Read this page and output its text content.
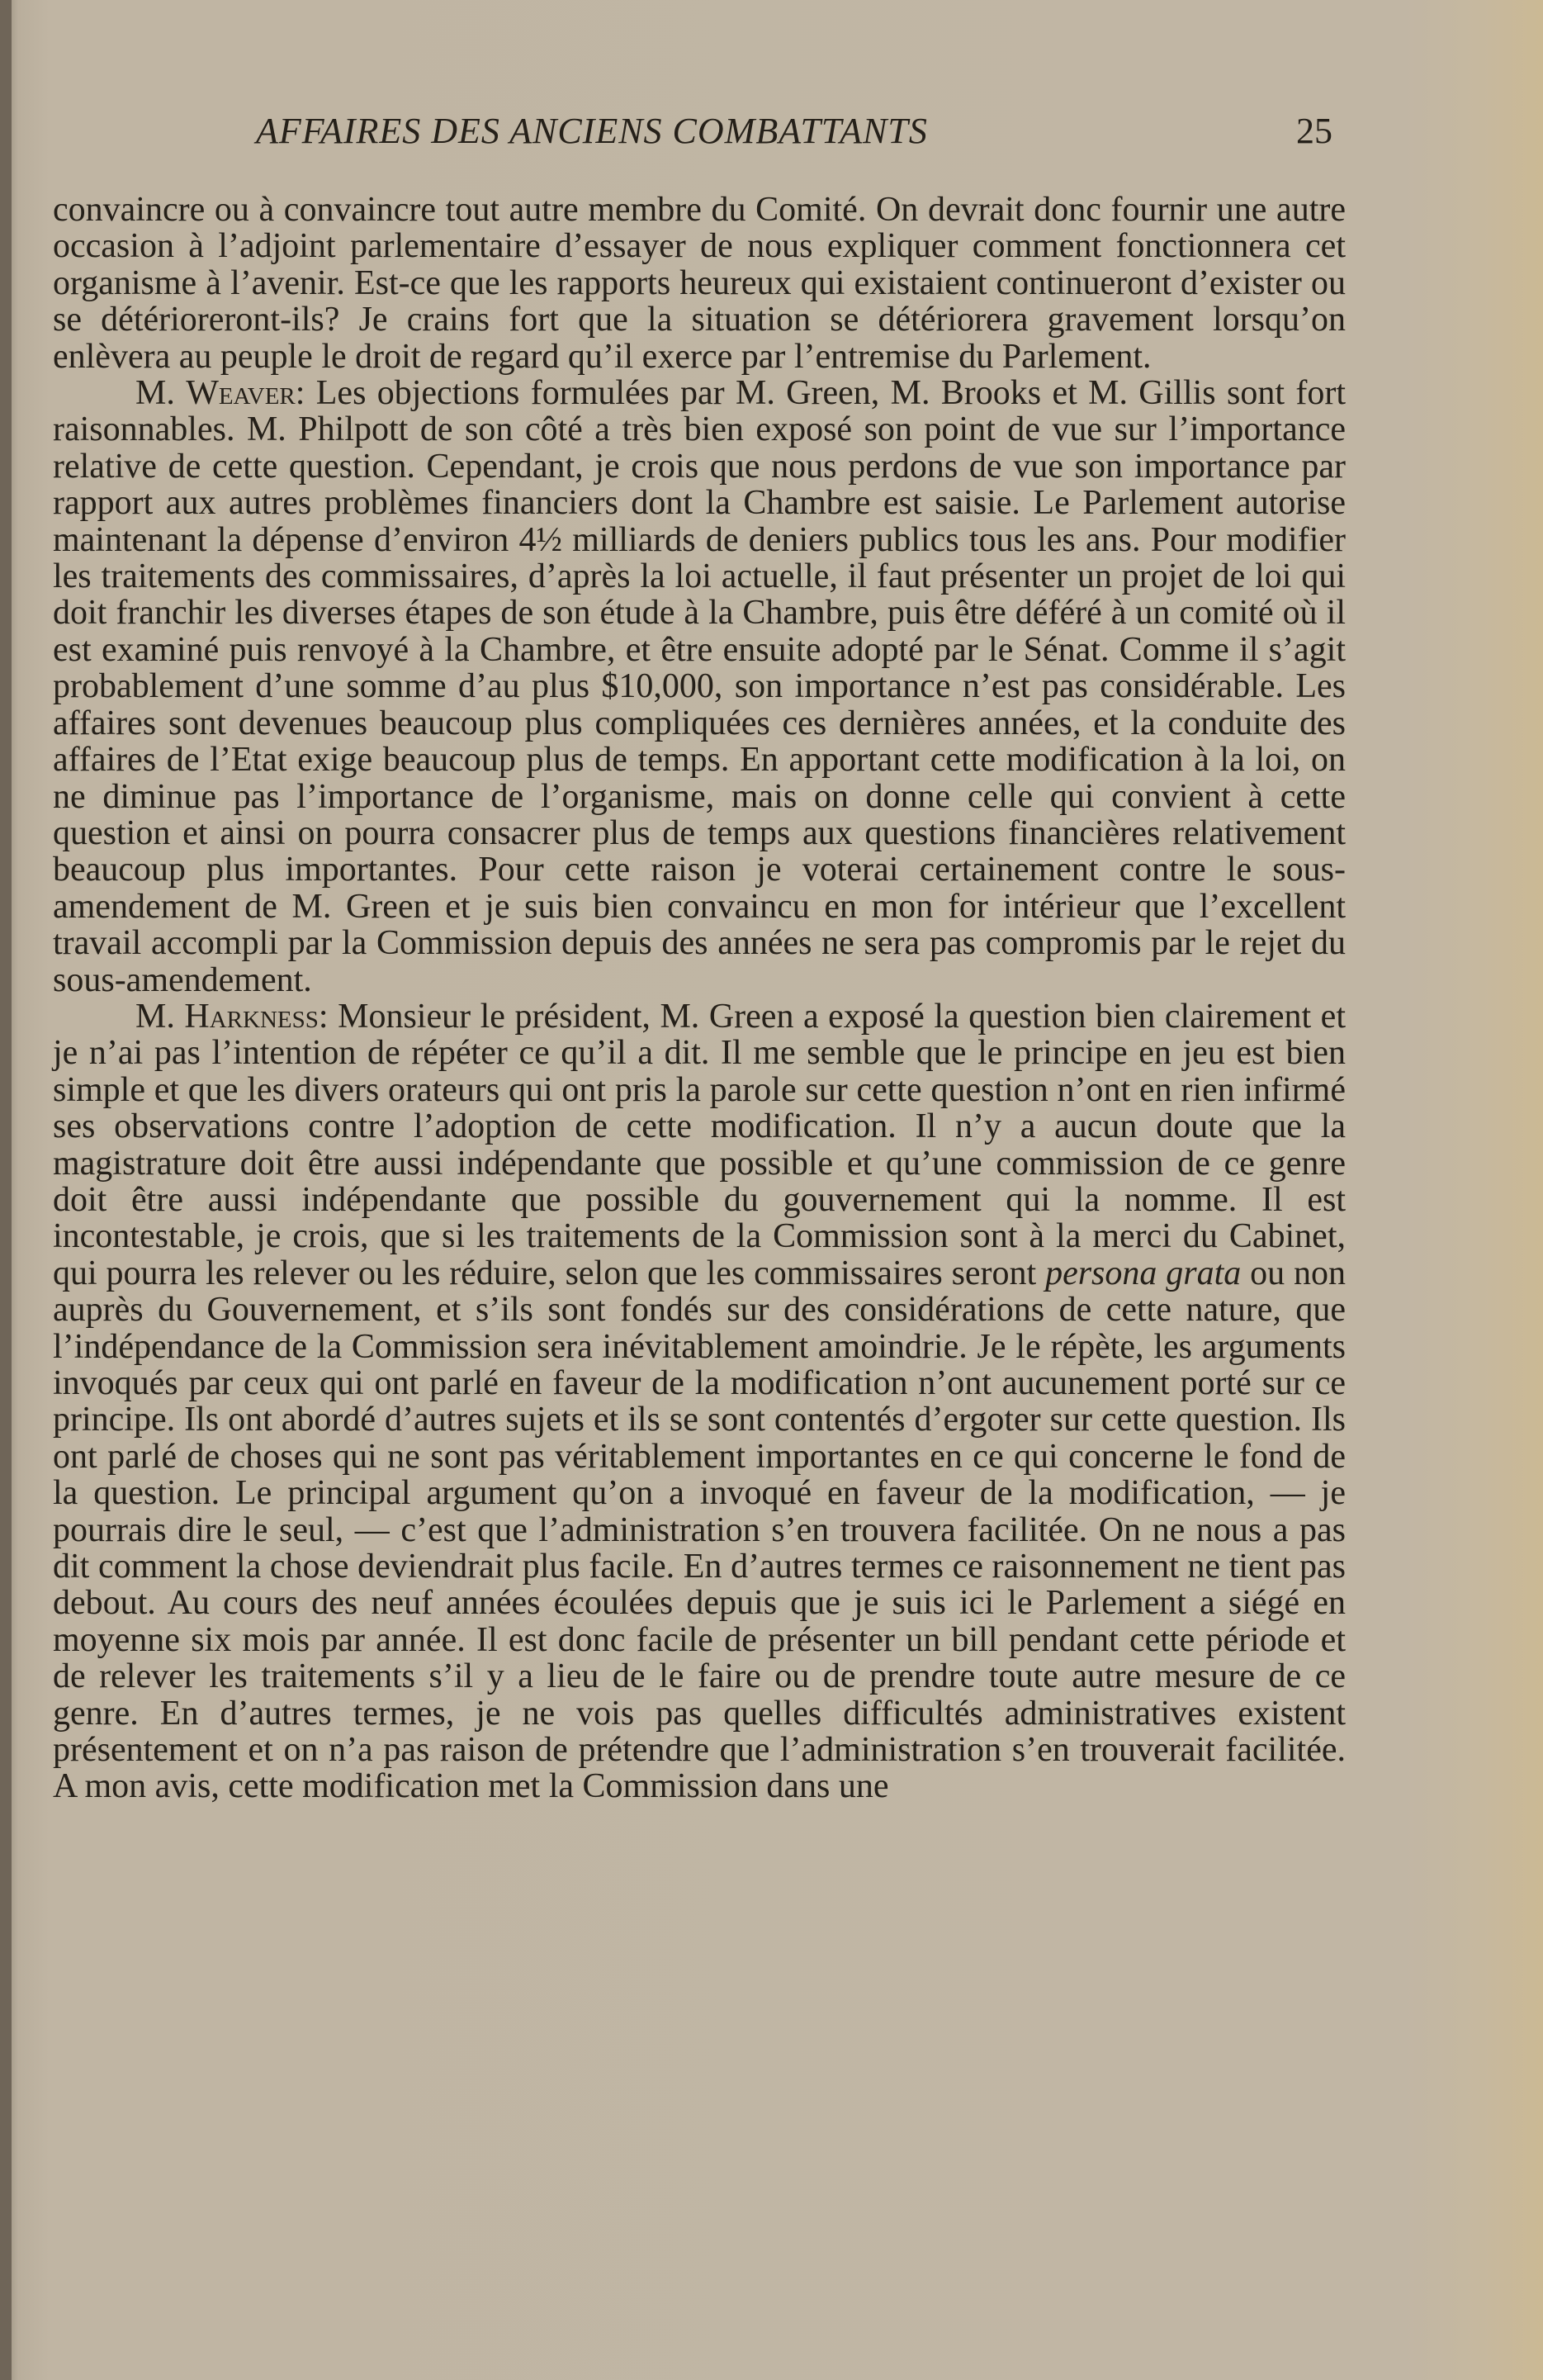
AFFAIRES DES ANCIENS COMBATTANTS	25

convaincre ou à convaincre tout autre membre du Comité. On devrait donc fournir une autre occasion à l’adjoint parlementaire d’essayer de nous expliquer comment fonctionnera cet organisme à l’avenir. Est-ce que les rapports heureux qui existaient continueront d’exister ou se détérioreront-ils? Je crains fort que la situation se détériorera gravement lorsqu’on enlèvera au peuple le droit de regard qu’il exerce par l’entremise du Parlement.

M. Weaver: Les objections formulées par M. Green, M. Brooks et M. Gillis sont fort raisonnables. M. Philpott de son côté a très bien exposé son point de vue sur l’importance relative de cette question. Cependant, je crois que nous perdons de vue son importance par rapport aux autres problèmes financiers dont la Chambre est saisie. Le Parlement autorise maintenant la dépense d’environ 4½ milliards de deniers publics tous les ans. Pour modifier les traitements des commissaires, d’après la loi actuelle, il faut présenter un projet de loi qui doit franchir les diverses étapes de son étude à la Chambre, puis être déféré à un comité où il est examiné puis renvoyé à la Chambre, et être ensuite adopté par le Sénat. Comme il s’agit probablement d’une somme d’au plus $10,000, son importance n’est pas considérable. Les affaires sont devenues beaucoup plus compliquées ces dernières années, et la conduite des affaires de l’Etat exige beaucoup plus de temps. En apportant cette modification à la loi, on ne diminue pas l’importance de l’organisme, mais on donne celle qui convient à cette question et ainsi on pourra consacrer plus de temps aux questions financières relativement beaucoup plus importantes. Pour cette raison je voterai certainement contre le sous-amendement de M. Green et je suis bien convaincu en mon for intérieur que l’excellent travail accompli par la Commission depuis des années ne sera pas compromis par le rejet du sous-amendement.

M. Harkness: Monsieur le président, M. Green a exposé la question bien clairement et je n’ai pas l’intention de répéter ce qu’il a dit. Il me semble que le principe en jeu est bien simple et que les divers orateurs qui ont pris la parole sur cette question n’ont en rien infirmé ses observations contre l’adoption de cette modification. Il n’y a aucun doute que la magistrature doit être aussi indépendante que possible et qu’une commission de ce genre doit être aussi indépendante que possible du gouvernement qui la nomme. Il est incontestable, je crois, que si les traitements de la Commission sont à la merci du Cabinet, qui pourra les relever ou les réduire, selon que les commissaires seront persona grata ou non auprès du Gouvernement, et s’ils sont fondés sur des considérations de cette nature, que l’indépendance de la Commission sera inévitablement amoindrie. Je le répète, les arguments invoqués par ceux qui ont parlé en faveur de la modification n’ont aucunement porté sur ce principe. Ils ont abordé d’autres sujets et ils se sont contentés d’ergoter sur cette question. Ils ont parlé de choses qui ne sont pas véritablement importantes en ce qui concerne le fond de la question. Le principal argument qu’on a invoqué en faveur de la modification, — je pourrais dire le seul, — c’est que l’administration s’en trouvera facilitée. On ne nous a pas dit comment la chose deviendrait plus facile. En d’autres termes ce raisonnement ne tient pas debout. Au cours des neuf années écoulées depuis que je suis ici le Parlement a siégé en moyenne six mois par année. Il est donc facile de présenter un bill pendant cette période et de relever les traitements s’il y a lieu de le faire ou de prendre toute autre mesure de ce genre. En d’autres termes, je ne vois pas quelles difficultés administratives existent présentement et on n’a pas raison de prétendre que l’administration s’en trouverait facilitée. A mon avis, cette modification met la Commission dans une
